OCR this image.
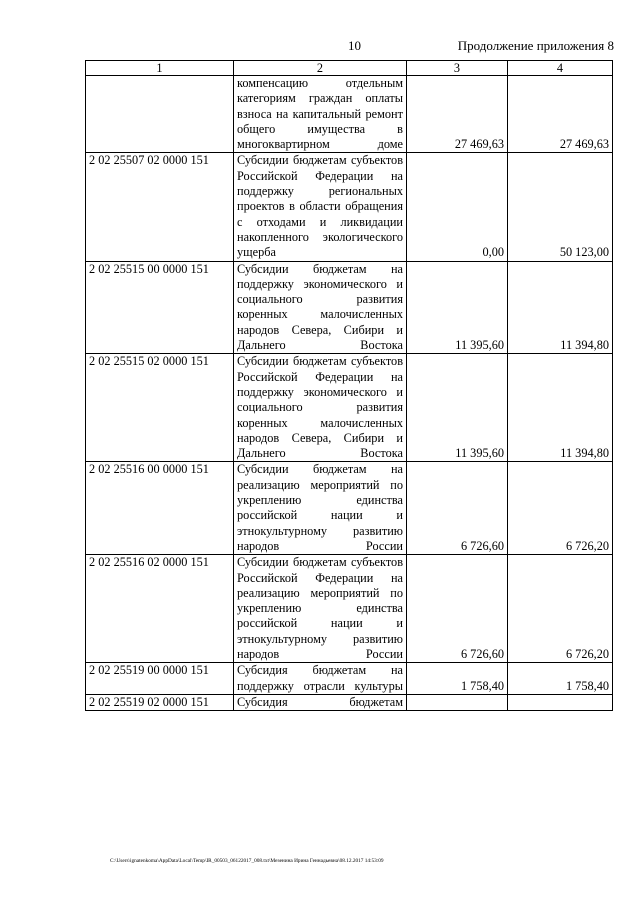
10	Продолжение приложения 8
1	2	3	4
	компенсацию отдельным категориям граждан оплаты взноса на капитальный ремонт общего имущества в многоквартирном доме	27 469,63	27 469,63
2 02 25507 02 0000 151	Субсидии бюджетам субъектов Российской Федерации на поддержку региональных проектов в области обращения с отходами и ликвидации накопленного экологического ущерба	0,00	50 123,00
2 02 25515 00 0000 151	Субсидии бюджетам на поддержку экономического и социального развития коренных малочисленных народов Севера, Сибири и Дальнего Востока	11 395,60	11 394,80
2 02 25515 02 0000 151	Субсидии бюджетам субъектов Российской Федерации на поддержку экономического и социального развития коренных малочисленных народов Севера, Сибири и Дальнего Востока	11 395,60	11 394,80
2 02 25516 00 0000 151	Субсидии бюджетам на реализацию мероприятий по укреплению единства российской нации и этнокультурному развитию народов России	6 726,60	6 726,20
2 02 25516 02 0000 151	Субсидии бюджетам субъектов Российской Федерации на реализацию мероприятий по укреплению единства российской нации и этнокультурному развитию народов России	6 726,60	6 726,20
2 02 25519 00 0000 151	Субсидия бюджетам на поддержку отрасли культуры	1 758,40	1 758,40
2 02 25519 02 0000 151	Субсидия бюджетам		
C:\Users\ignatenkoma\AppData\Local\Temp\IR_00503_06122017_008.txt\Мезенина Ирина Геннадьевна\08.12.2017 14:53:09
